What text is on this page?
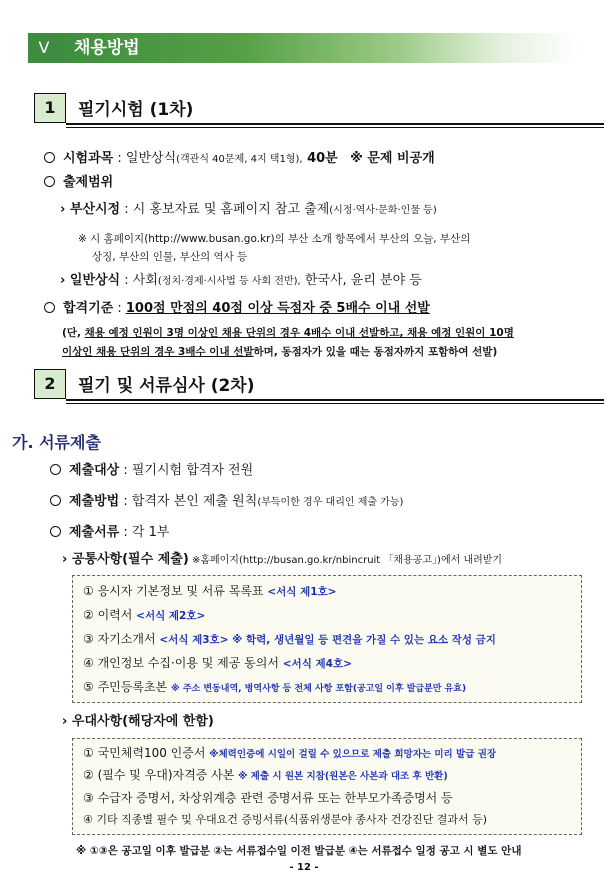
Ⅴ	채용방법
1	필기시험 (1차)
시험과목 : 일반상식(객관식 40문제, 4지 택1형), 40분 ※ 문제 비공개
출제범위
› 부산시정 : 시 홍보자료 및 홈페이지 참고 출제(시정·역사·문화·인물 등)
※ 시 홈페이지(http://www.busan.go.kr)의 부산 소개 항목에서 부산의 오늘, 부산의
상징, 부산의 인물, 부산의 역사 등
› 일반상식 : 사회(정치·경제·시사법 등 사회 전반), 한국사, 윤리 분야 등
합격기준 : 100점 만점의 40점 이상 득점자 중 5배수 이내 선발
(단, 채용 예정 인원이 3명 이상인 채용 단위의 경우 4배수 이내 선발하고, 채용 예정 인원이 10명
이상인 채용 단위의 경우 3배수 이내 선발하며, 동점자가 있을 때는 동점자까지 포함하여 선발)
2	필기 및 서류심사 (2차)
가. 서류제출
제출대상 : 필기시험 합격자 전원
제출방법 : 합격자 본인 제출 원칙(부득이한 경우 대리인 제출 가능)
제출서류 : 각 1부
› 공통사항(필수 제출) ※홈페이지(http://busan.go.kr/nbincruit 「채용공고」)에서 내려받기
① 응시자 기본정보 및 서류 목록표 <서식 제1호>
② 이력서 <서식 제2호>
③ 자기소개서 <서식 제3호> ※ 학력, 생년월일 등 편견을 가질 수 있는 요소 작성 금지
④ 개인정보 수집·이용 및 제공 동의서 <서식 제4호>
⑤ 주민등록초본 ※ 주소 변동내역, 병역사항 등 전체 사항 포함(공고일 이후 발급분만 유효)
› 우대사항(해당자에 한함)
① 국민체력100 인증서 ※체력인증에 시일이 걸릴 수 있으므로 제출 희망자는 미리 발급 권장
② (필수 및 우대)자격증 사본 ※ 제출 시 원본 지참(원본은 사본과 대조 후 반환)
③ 수급자 증명서, 차상위계층 관련 증명서류 또는 한부모가족증명서 등
④ 기타 직종별 필수 및 우대요건 증빙서류(식품위생분야 종사자 건강진단 결과서 등)
※ ①③은 공고일 이후 발급분 ②는 서류접수일 이전 발급분 ④는 서류접수 일정 공고 시 별도 안내
- 12 -
